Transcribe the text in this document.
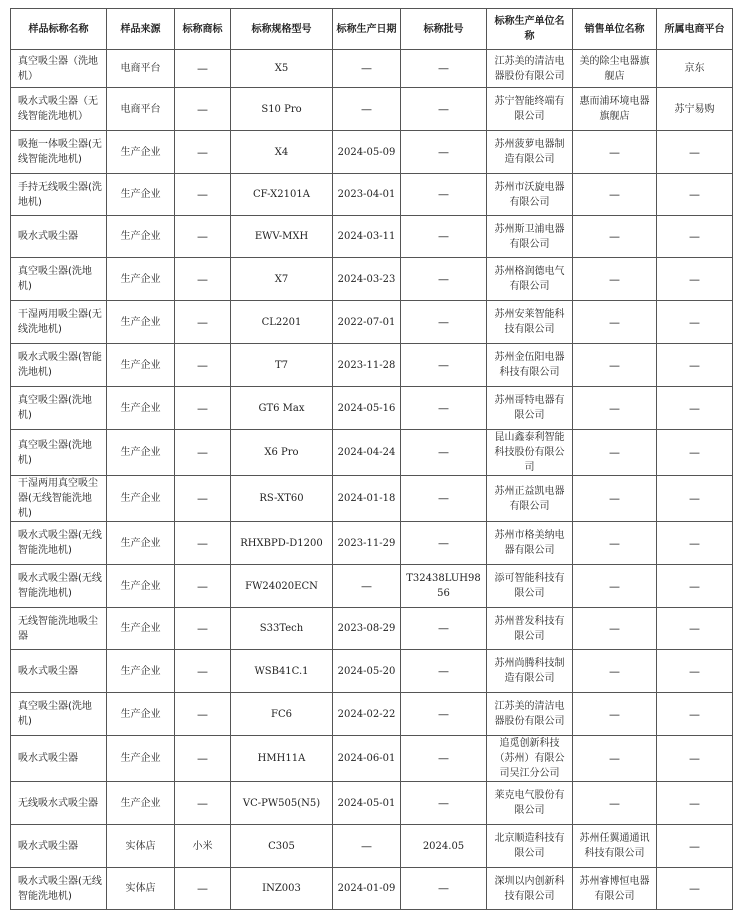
样品标称名称	样品来源	标称商标	标称规格型号	标称生产日期	标称批号	标称生产单位名称	销售单位名称	所属电商平台
真空吸尘器（洗地机）	电商平台	—	X5	—	—	江苏美的清洁电器股份有限公司	美的除尘电器旗舰店	京东
吸水式吸尘器（无线智能洗地机）	电商平台	—	S10 Pro	—	—	苏宁智能终端有限公司	惠而浦环境电器旗舰店	苏宁易购
吸拖一体吸尘器(无线智能洗地机)	生产企业	—	X4	2024-05-09	—	苏州菠萝电器制造有限公司	—	—
手持无线吸尘器(洗地机)	生产企业	—	CF-X2101A	2023-04-01	—	苏州市沃旋电器有限公司	—	—
吸水式吸尘器	生产企业	—	EWV-MXH	2024-03-11	—	苏州斯卫浦电器有限公司	—	—
真空吸尘器(洗地机)	生产企业	—	X7	2024-03-23	—	苏州格润德电气有限公司	—	—
干湿两用吸尘器(无线洗地机)	生产企业	—	CL2201	2022-07-01	—	苏州安莱智能科技有限公司	—	—
吸水式吸尘器(智能洗地机)	生产企业	—	T7	2023-11-28	—	苏州金伍阳电器科技有限公司	—	—
真空吸尘器(洗地机)	生产企业	—	GT6 Max	2024-05-16	—	苏州哥特电器有限公司	—	—
真空吸尘器(洗地机)	生产企业	—	X6 Pro	2024-04-24	—	昆山鑫泰利智能科技股份有限公司	—	—
干湿两用真空吸尘器(无线智能洗地机)	生产企业	—	RS-XT60	2024-01-18	—	苏州正益凯电器有限公司	—	—
吸水式吸尘器(无线智能洗地机)	生产企业	—	RHXBPD-D1200	2023-11-29	—	苏州市格美纳电器有限公司	—	—
吸水式吸尘器(无线智能洗地机)	生产企业	—	FW24020ECN	—	T32438LUH9856	添可智能科技有限公司	—	—
无线智能洗地吸尘器	生产企业	—	S33Tech	2023-08-29	—	苏州普发科技有限公司	—	—
吸水式吸尘器	生产企业	—	WSB41C.1	2024-05-20	—	苏州尚腾科技制造有限公司	—	—
真空吸尘器(洗地机)	生产企业	—	FC6	2024-02-22	—	江苏美的清洁电器股份有限公司	—	—
吸水式吸尘器	生产企业	—	HMH11A	2024-06-01	—	追觅创新科技（苏州）有限公司吴江分公司	—	—
无线吸水式吸尘器	生产企业	—	VC-PW505(N5)	2024-05-01	—	莱克电气股份有限公司	—	—
吸水式吸尘器	实体店	小米	C305	—	2024.05	北京顺造科技有限公司	苏州任翼通通讯科技有限公司	—
吸水式吸尘器(无线智能洗地机)	实体店	—	INZ003	2024-01-09	—	深圳以内创新科技有限公司	苏州睿博恒电器有限公司	—
